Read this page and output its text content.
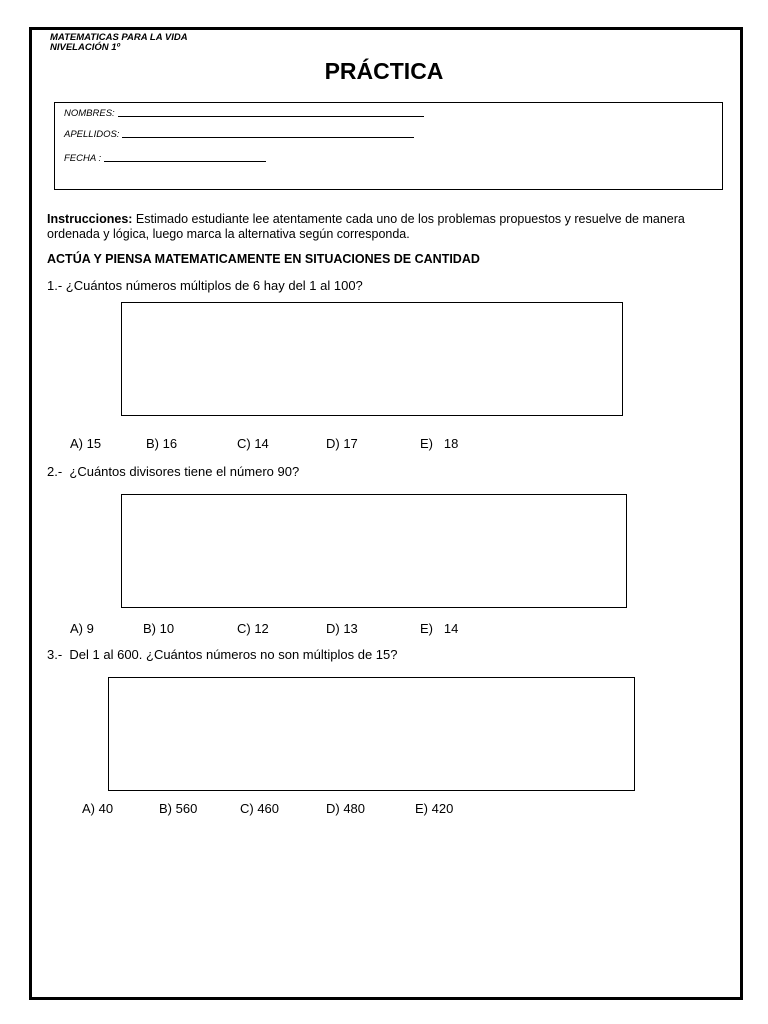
MATEMATICAS PARA LA VIDA
NIVELACIÓN 1º
PRÁCTICA
NOMBRES:
APELLIDOS:
FECHA :
Instrucciones: Estimado estudiante lee atentamente cada uno de los problemas propuestos y resuelve de manera ordenada y lógica, luego marca la alternativa según corresponda.
ACTÚA Y PIENSA MATEMATICAMENTE EN SITUACIONES DE CANTIDAD
1.- ¿Cuántos números múltiplos de 6 hay del 1 al 100?
A) 15	B) 16	C) 14	D) 17	E)   18
2.-  ¿Cuántos divisores tiene el número 90?
A) 9	B) 10	C) 12	D) 13	E)   14
3.-  Del 1 al 600. ¿Cuántos números no son múltiplos de 15?
A) 40	B) 560	C) 460	D) 480	E) 420
